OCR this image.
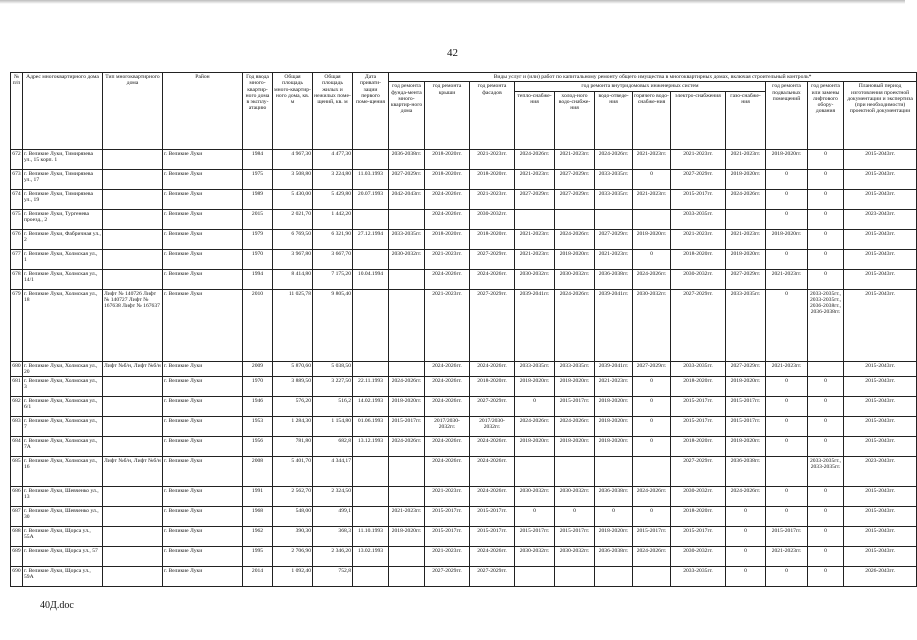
42
№ п/п	Адрес многоквартирного дома	Тип многоквартирного дома	Район	Год ввода много-квартир-ного дома в эксплу-атацию	Общая площадь много-квартир-ного дома, кв. м	Общая площадь жилых и нежилых поме-щений, кв. м	Дата привати-зации первого поме-щения	Виды услуг и (или) работ по капитальному ремонту общего имущества в многоквартирных домах, включая строительный контроль*											
								год ремонта фунда-мента много-квартир-ного дома	год ремонта крыши	год ремонта фасадов	год ремонта внутридомовых инженерных систем						год ремонта подвальных помещений	год ремонта или замены лифтового обору-дования	Плановый период изготовления проектной документации и экспертиза (при необходимости) проектной документации
											тепло-снабже-ния	холод-ного водо-снабже-ния	водо-отведе-ния	горячего водо-снабже-ния	электро-снабжения	газо-снабже-ния			
672	г. Великие Луки, Тимирязева ул., 15 корп. 1		г. Великие Луки	1984	4 967,30	4 477,30		2036-2038гг.	2018-2020гг.	2021-2023гг.	2024-2026гг.	2021-2023гг.	2024-2026гг.	2021-2023гг.	2021-2023гг.	2021-2023гг.	2018-2020гг.	0	2015-2043гг.
673	г. Великие Луки, Тимирязева ул., 17		г. Великие Луки	1975	3 508,80	3 224,80	11.03.1993	2027-2029гг.	2018-2020гг.	2018-2020гг.	2021-2023гг.	2027-2029гг.	2033-2035гг.	0	2027-2029гг.	2018-2020гг.	0	0	2015-2043гг.
674	г. Великие Луки, Тимирязева ул., 19		г. Великие Луки	1989	5 430,00	5 429,80	20.07.1993	2042-2043гг.	2024-2026гг.	2021-2023гг.	2027-2029гг.	2027-2029гг.	2033-2035гг.	2021-2023гг.	2015-2017гг.	2024-2026гг.	0	0	2015-2043гг.
675	г. Великие Луки, Тургенева проезд., 2		г. Великие Луки	2015	2 021,70	1 442,20			2024-2026гг.	2030-2032гг.					2033-2035гг.		0	0	2023-2043гг.
676	г. Великие Луки, Фабричная ул., 2		г. Великие Луки	1979	6 769,50	6 321,90	27.12.1994	2033-2035гг.	2018-2020гг.	2018-2020гг.	2021-2023гг.	2024-2026гг.	2027-2029гг.	2018-2020гг.	2021-2023гг.	2021-2023гг.	2018-2020гг.	0	2015-2043гг.
677	г. Великие Луки, Холмская ул., 1		г. Великие Луки	1970	3 967,80	3 667,70		2030-2032гг.	2021-2023гг.	2027-2029гг.	2021-2023гг.	2018-2020гг.	2021-2023гг.	0	2018-2020гг.	2018-2020гг.	0	0	2015-2043гг.
678	г. Великие Луки, Холмская ул., 14/1		г. Великие Луки	1994	8 414,80	7 175,20	10.04.1994		2024-2026гг.	2024-2026гг.	2030-2032гг.	2030-2032гг.	2036-2038гг.	2024-2026гг.	2030-2032гг.	2027-2029гг.	2021-2023гг.	0	2015-2043гг.
679	г. Великие Луки, Холмская ул., 18	Лифт № 140726 Лифт № 140727 Лифт № 167638 Лифт № 167637	г. Великие Луки	2010	11 025,78	9 805,40			2021-2023гг.	2027-2029гг.	2039-2041гг.	2024-2026гг.	2039-2041гг.	2030-2032гг.	2027-2029гг.	2033-2035гг.	0	2033-2035гг., 2033-2035гг., 2036-2038гг., 2036-2038гг.	2015-2043гг.
680	г. Великие Луки, Холмская ул., 20	Лифт №б/н, Лифт №б/н	г. Великие Луки	2009	5 870,60	5 038,50			2024-2026гг.	2024-2026гг.	2033-2035гг.	2033-2035гг.	2039-2041гг.	2027-2029гг.	2033-2035гг.	2027-2029гг.	2021-2023гг.		2015-2043гг.
681	г. Великие Луки, Холмская ул., 3		г. Великие Луки	1970	3 889,50	3 227,50	22.11.1993	2024-2026гг.	2024-2026гг.	2018-2020гг.	2018-2020гг.	2018-2020гг.	2021-2023гг.	0	2018-2020гг.	2018-2020гг.	0	0	2015-2043гг.
682	г. Великие Луки, Холмская ул., 6/1		г. Великие Луки	1946	576,20	516,2	14.02.1993	2018-2020гг.	2024-2026гг.	2027-2029гг.	0	2015-2017гг.	2018-2020гг.	0	2015-2017гг.	2015-2017гг.	0	0	2015-2043гг.
683	г. Великие Луки, Холмская ул., 7		г. Великие Луки	1953	1 284,30	1 154,80	01.06.1993	2015-2017гг.	2017/2030-2032гг.	2017/2030-2032гг.	2024-2026гг.	2024-2026гг.	2018-2020гг.	0	2015-2017гг.	2015-2017гг.	0	0	2015-2043гг.
684	г. Великие Луки, Холмская ул., 7А		г. Великие Луки	1956	781,80	682,8	13.12.1993	2024-2026гг.	2024-2026гг.	2024-2026гг.	2018-2020гг.	2018-2020гг.	2018-2020гг.	0	2018-2020гг.	2018-2020гг.	0	0	2015-2043гг.
685	г. Великие Луки, Холмская ул., 16	Лифт №б/н, Лифт №б/н	г. Великие Луки	2008	5 401,70	4 344,17			2024-2026гг.	2024-2026гг.					2027-2029гг.	2036-2038гг.		2033-2035гг., 2033-2035гг.	2023-2043гг.
686	г. Великие Луки, Шевченко ул., 13		г. Великие Луки	1991	2 562,70	2 324,50			2021-2023гг.	2024-2026гг.	2030-2032гг.	2030-2032гг.	2036-2038гг.	2024-2026гг.	2030-2032гг.	2024-2026гг.	0	0	2015-2043гг.
687	г. Великие Луки, Шевченко ул., 30		г. Великие Луки	1968	548,00	499,1		2021-2023гг.	2015-2017гг.	2015-2017гг.	0	0	0	0	2018-2020гг.	0	0	0	2015-2043гг.
688	г. Великие Луки, Щорса ул., 55А		г. Великие Луки	1962	390,30	368,3	11.10.1993	2018-2020гг.	2015-2017гг.	2015-2017гг.	2015-2017гг.	2015-2017гг.	2018-2020гг.	2015-2017гг.	2015-2017гг.	0	2015-2017гг.	0	2015-2043гг.
689	г. Великие Луки, Щорса ул., 57		г. Великие Луки	1995	2 706,90	2 346,20	13.02.1993		2021-2023гг.	2024-2026гг.	2030-2032гг.	2030-2032гг.	2036-2038гг.	2024-2026гг.	2030-2032гг.	0	2021-2023гг.	0	2015-2043гг.
690	г. Великие Луки, Щорса ул., 59А		г. Великие Луки	2014	1 092,40	752,8			2027-2029гг.	2027-2029гг.					2033-2035гг.	0	0	0	2026-2043гг.
40Д.doc
